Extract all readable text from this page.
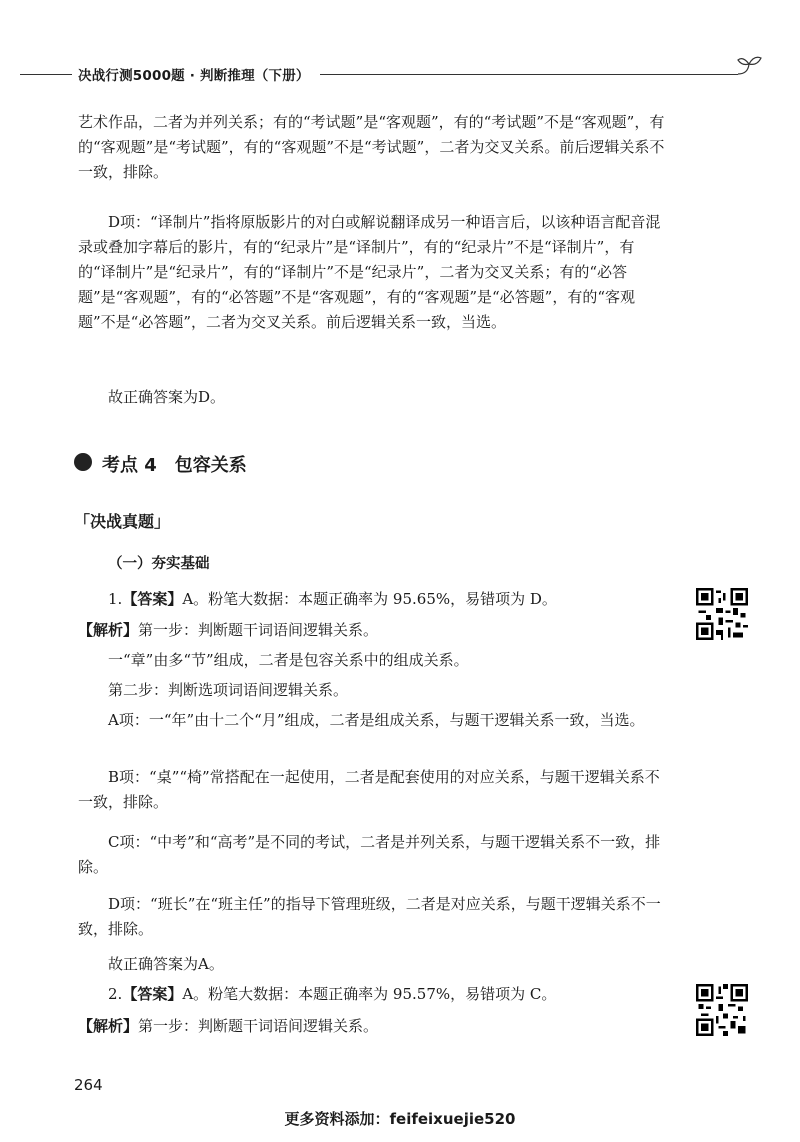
决战行测5000题 · 判断推理（下册）

艺术作品，二者为并列关系；有的“考试题”是“客观题”，有的“考试题”不是“客观题”，有的“客观题”是“考试题”，有的“客观题”不是“考试题”，二者为交叉关系。前后逻辑关系不一致，排除。

D项：“译制片”指将原版影片的对白或解说翻译成另一种语言后，以该种语言配音混录或叠加字幕后的影片，有的“纪录片”是“译制片”，有的“纪录片”不是“译制片”，有的“译制片”是“纪录片”，有的“译制片”不是“纪录片”，二者为交叉关系；有的“必答题”是“客观题”，有的“必答题”不是“客观题”，有的“客观题”是“必答题”，有的“客观题”不是“必答题”，二者为交叉关系。前后逻辑关系一致，当选。

故正确答案为D。

考点 4　包容关系
「决战真题」
（一）夯实基础

1.【答案】A。粉笔大数据：本题正确率为 95.65%，易错项为 D。

【解析】第一步：判断题干词语间逻辑关系。

一“章”由多“节”组成，二者是包容关系中的组成关系。

第二步：判断选项词语间逻辑关系。

A项：一“年”由十二个“月”组成，二者是组成关系，与题干逻辑关系一致，当选。

B项：“桌”“椅”常搭配在一起使用，二者是配套使用的对应关系，与题干逻辑关系不一致，排除。

C项：“中考”和“高考”是不同的考试，二者是并列关系，与题干逻辑关系不一致，排除。

D项：“班长”在“班主任”的指导下管理班级，二者是对应关系，与题干逻辑关系不一致，排除。

故正确答案为A。

2.【答案】A。粉笔大数据：本题正确率为 95.57%，易错项为 C。

【解析】第一步：判断题干词语间逻辑关系。

264
更多资料添加：feifeixuejie520
